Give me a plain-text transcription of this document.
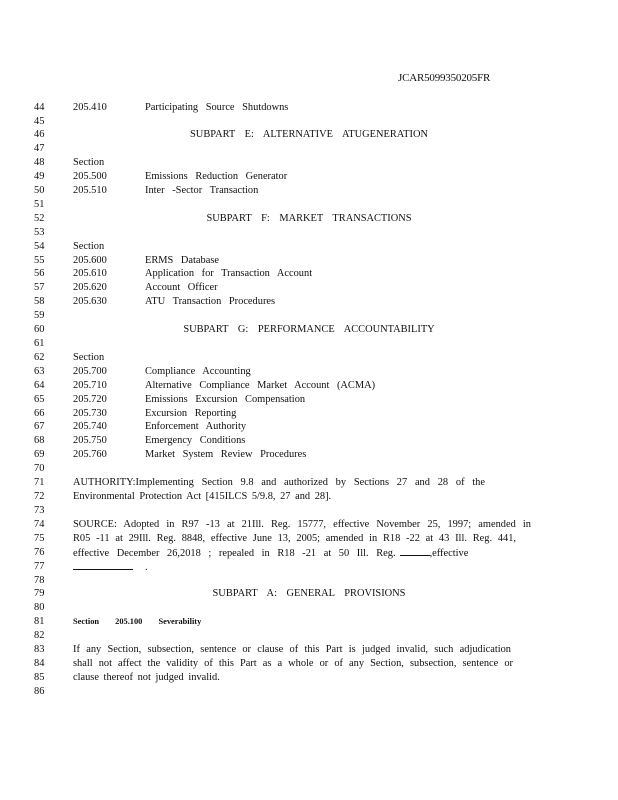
JCAR5099350205FR
44	205.410	Participating Source Shutdowns
45
46	SUBPART E: ALTERNATIVE ATUGENERATION
47
48	Section
49	205.500	Emissions Reduction Generator
50	205.510	Inter -Sector Transaction
51
52	SUBPART F: MARKET TRANSACTIONS
53
54	Section
55	205.600	ERMS Database
56	205.610	Application for Transaction Account
57	205.620	Account Officer
58	205.630	ATU Transaction Procedures
59
60	SUBPART G: PERFORMANCE ACCOUNTABILITY
61
62	Section
63	205.700	Compliance Accounting
64	205.710	Alternative Compliance Market Account (ACMA)
65	205.720	Emissions Excursion Compensation
66	205.730	Excursion Reporting
67	205.740	Enforcement Authority
68	205.750	Emergency Conditions
69	205.760	Market System Review Procedures
70
71	AUTHORITY:Implementing Section 9.8 and authorized by Sections 27 and 28 of the
72	Environmental Protection Act [415ILCS 5/9.8, 27 and 28].
73
74	SOURCE: Adopted in R97 -13 at 21Ill. Reg. 15777, effective November 25, 1997; amended in
75	R05 -11 at 29Ill. Reg. 8848, effective June 13, 2005; amended in R18 -22 at 43 Ill. Reg. 441,
76	effective December 26,2018 ; repealed in R18 -21 at 50 Ill. Reg.	,effective
77	.
78
79	SUBPART A: GENERAL PROVISIONS
80
81	Section 205.100 Severability
82
83	If any Section, subsection, sentence or clause of this Part is judged invalid, such adjudication
84	shall not affect the validity of this Part as a whole or of any Section, subsection, sentence or
85	clause thereof not judged invalid.
86
